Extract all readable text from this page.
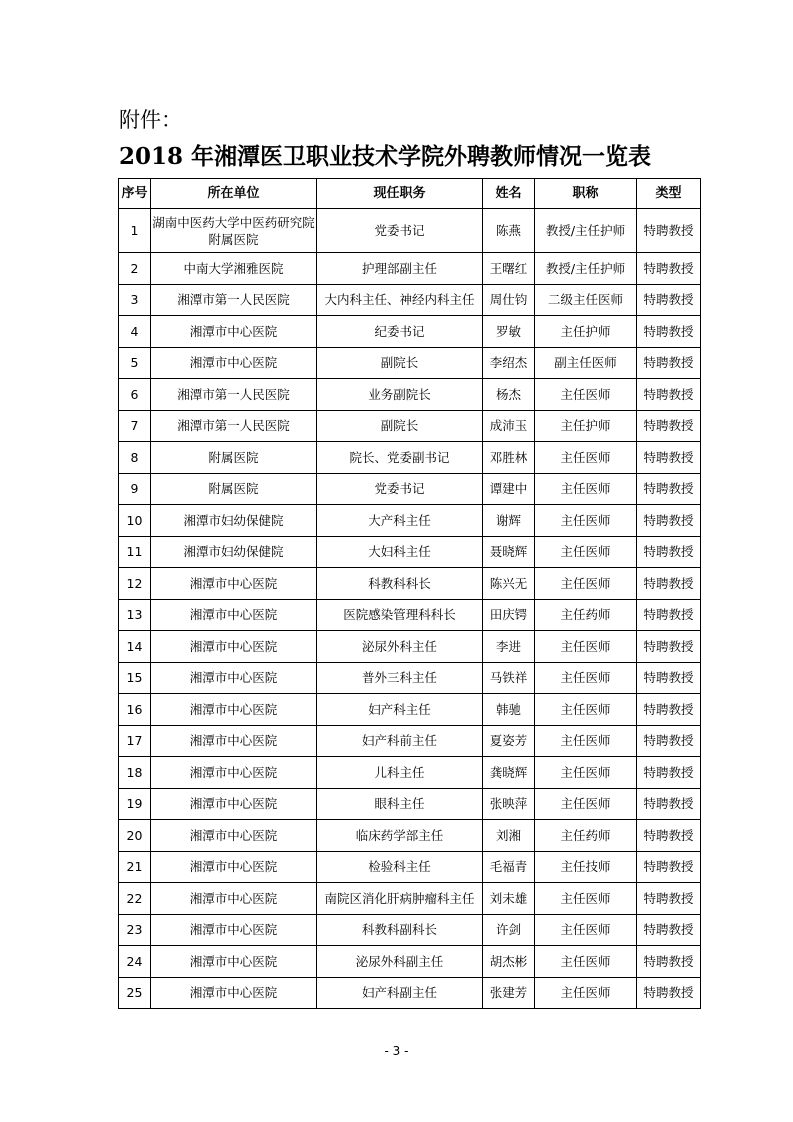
附件：
2018 年湘潭医卫职业技术学院外聘教师情况一览表
序号	所在单位	现任职务	姓名	职称	类型
1	湖南中医药大学中医药研究院附属医院	党委书记	陈燕	教授/主任护师	特聘教授
2	中南大学湘雅医院	护理部副主任	王曙红	教授/主任护师	特聘教授
3	湘潭市第一人民医院	大内科主任、神经内科主任	周仕钧	二级主任医师	特聘教授
4	湘潭市中心医院	纪委书记	罗敏	主任护师	特聘教授
5	湘潭市中心医院	副院长	李绍杰	副主任医师	特聘教授
6	湘潭市第一人民医院	业务副院长	杨杰	主任医师	特聘教授
7	湘潭市第一人民医院	副院长	成沛玉	主任护师	特聘教授
8	附属医院	院长、党委副书记	邓胜林	主任医师	特聘教授
9	附属医院	党委书记	谭建中	主任医师	特聘教授
10	湘潭市妇幼保健院	大产科主任	谢辉	主任医师	特聘教授
11	湘潭市妇幼保健院	大妇科主任	聂晓辉	主任医师	特聘教授
12	湘潭市中心医院	科教科科长	陈兴无	主任医师	特聘教授
13	湘潭市中心医院	医院感染管理科科长	田庆锷	主任药师	特聘教授
14	湘潭市中心医院	泌尿外科主任	李进	主任医师	特聘教授
15	湘潭市中心医院	普外三科主任	马铁祥	主任医师	特聘教授
16	湘潭市中心医院	妇产科主任	韩驰	主任医师	特聘教授
17	湘潭市中心医院	妇产科前主任	夏姿芳	主任医师	特聘教授
18	湘潭市中心医院	儿科主任	龚晓辉	主任医师	特聘教授
19	湘潭市中心医院	眼科主任	张映萍	主任医师	特聘教授
20	湘潭市中心医院	临床药学部主任	刘湘	主任药师	特聘教授
21	湘潭市中心医院	检验科主任	毛福青	主任技师	特聘教授
22	湘潭市中心医院	南院区消化肝病肿瘤科主任	刘未雄	主任医师	特聘教授
23	湘潭市中心医院	科教科副科长	许剑	主任医师	特聘教授
24	湘潭市中心医院	泌尿外科副主任	胡杰彬	主任医师	特聘教授
25	湘潭市中心医院	妇产科副主任	张建芳	主任医师	特聘教授
- 3 -
